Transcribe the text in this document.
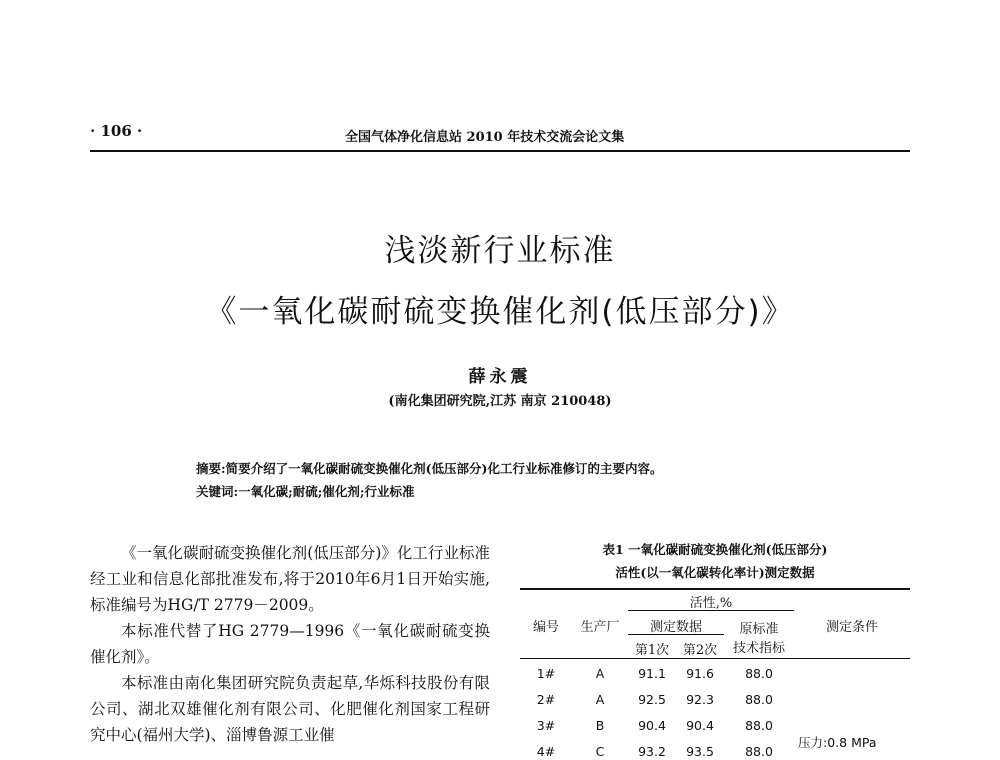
· 106 ·	全国气体净化信息站 2010 年技术交流会论文集
浅淡新行业标准
《一氧化碳耐硫变换催化剂(低压部分)》
薛永震
(南化集团研究院,江苏 南京 210048)
摘要:简要介绍了一氧化碳耐硫变换催化剂(低压部分)化工行业标准修订的主要内容。
关键词:一氧化碳;耐硫;催化剂;行业标准

《一氧化碳耐硫变换催化剂(低压部分)》化工行业标准经工业和信息化部批准发布,将于2010年6月1日开始实施,标准编号为HG/T 2779－2009。

本标准代替了HG 2779—1996《一氧化碳耐硫变换催化剂》。

本标准由南化集团研究院负责起草,华烁科技股份有限公司、湖北双雄催化剂有限公司、化肥催化剂国家工程研究中心(福州大学)、淄博鲁源工业催

表1 一氧化碳耐硫变换催化剂(低压部分)
活性(以一氧化碳转化率计)测定数据
活性,%
编号	生产厂	测定数据	原标准	测定条件
第1次	第2次	技术指标
1#	A	91.1	91.6	88.0
2#	A	92.5	92.3	88.0
3#	B	90.4	90.4	88.0
4#	C	93.2	93.5	88.0
压力:0.8 MPa
